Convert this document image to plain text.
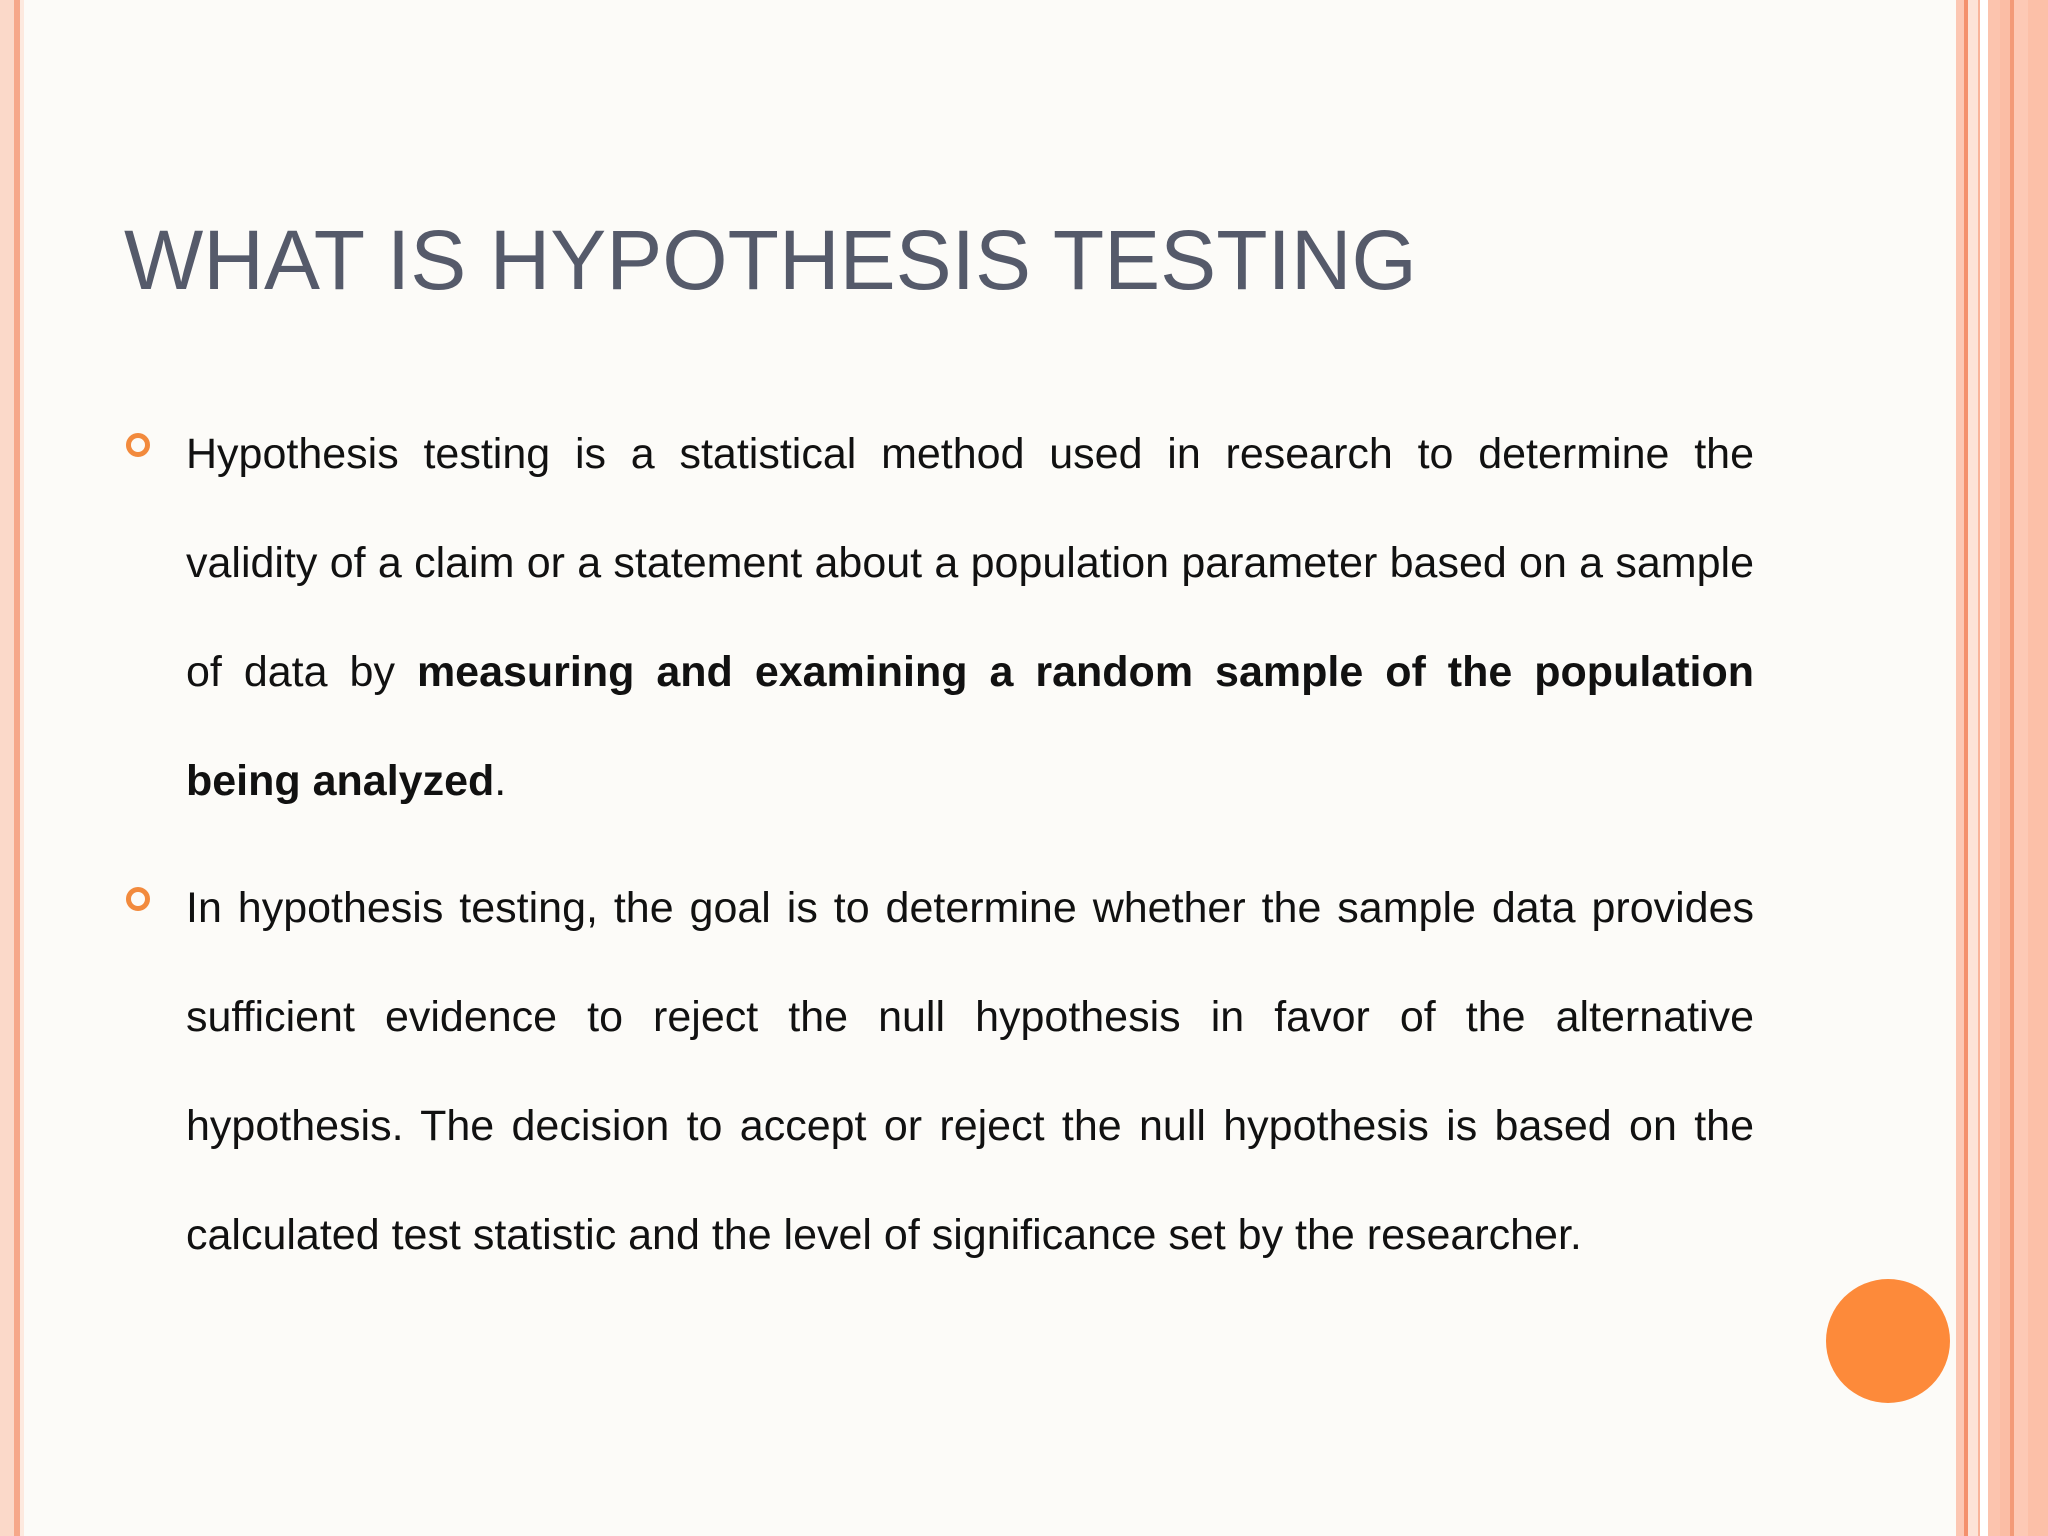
WHAT IS HYPOTHESIS TESTING
Hypothesis testing is a statistical method used in research to determine the validity of a claim or a statement about a population parameter based on a sample of data by measuring and examining a random sample of the population being analyzed.
In hypothesis testing, the goal is to determine whether the sample data provides sufficient evidence to reject the null hypothesis in favor of the alternative hypothesis. The decision to accept or reject the null hypothesis is based on the calculated test statistic and the level of significance set by the researcher.
